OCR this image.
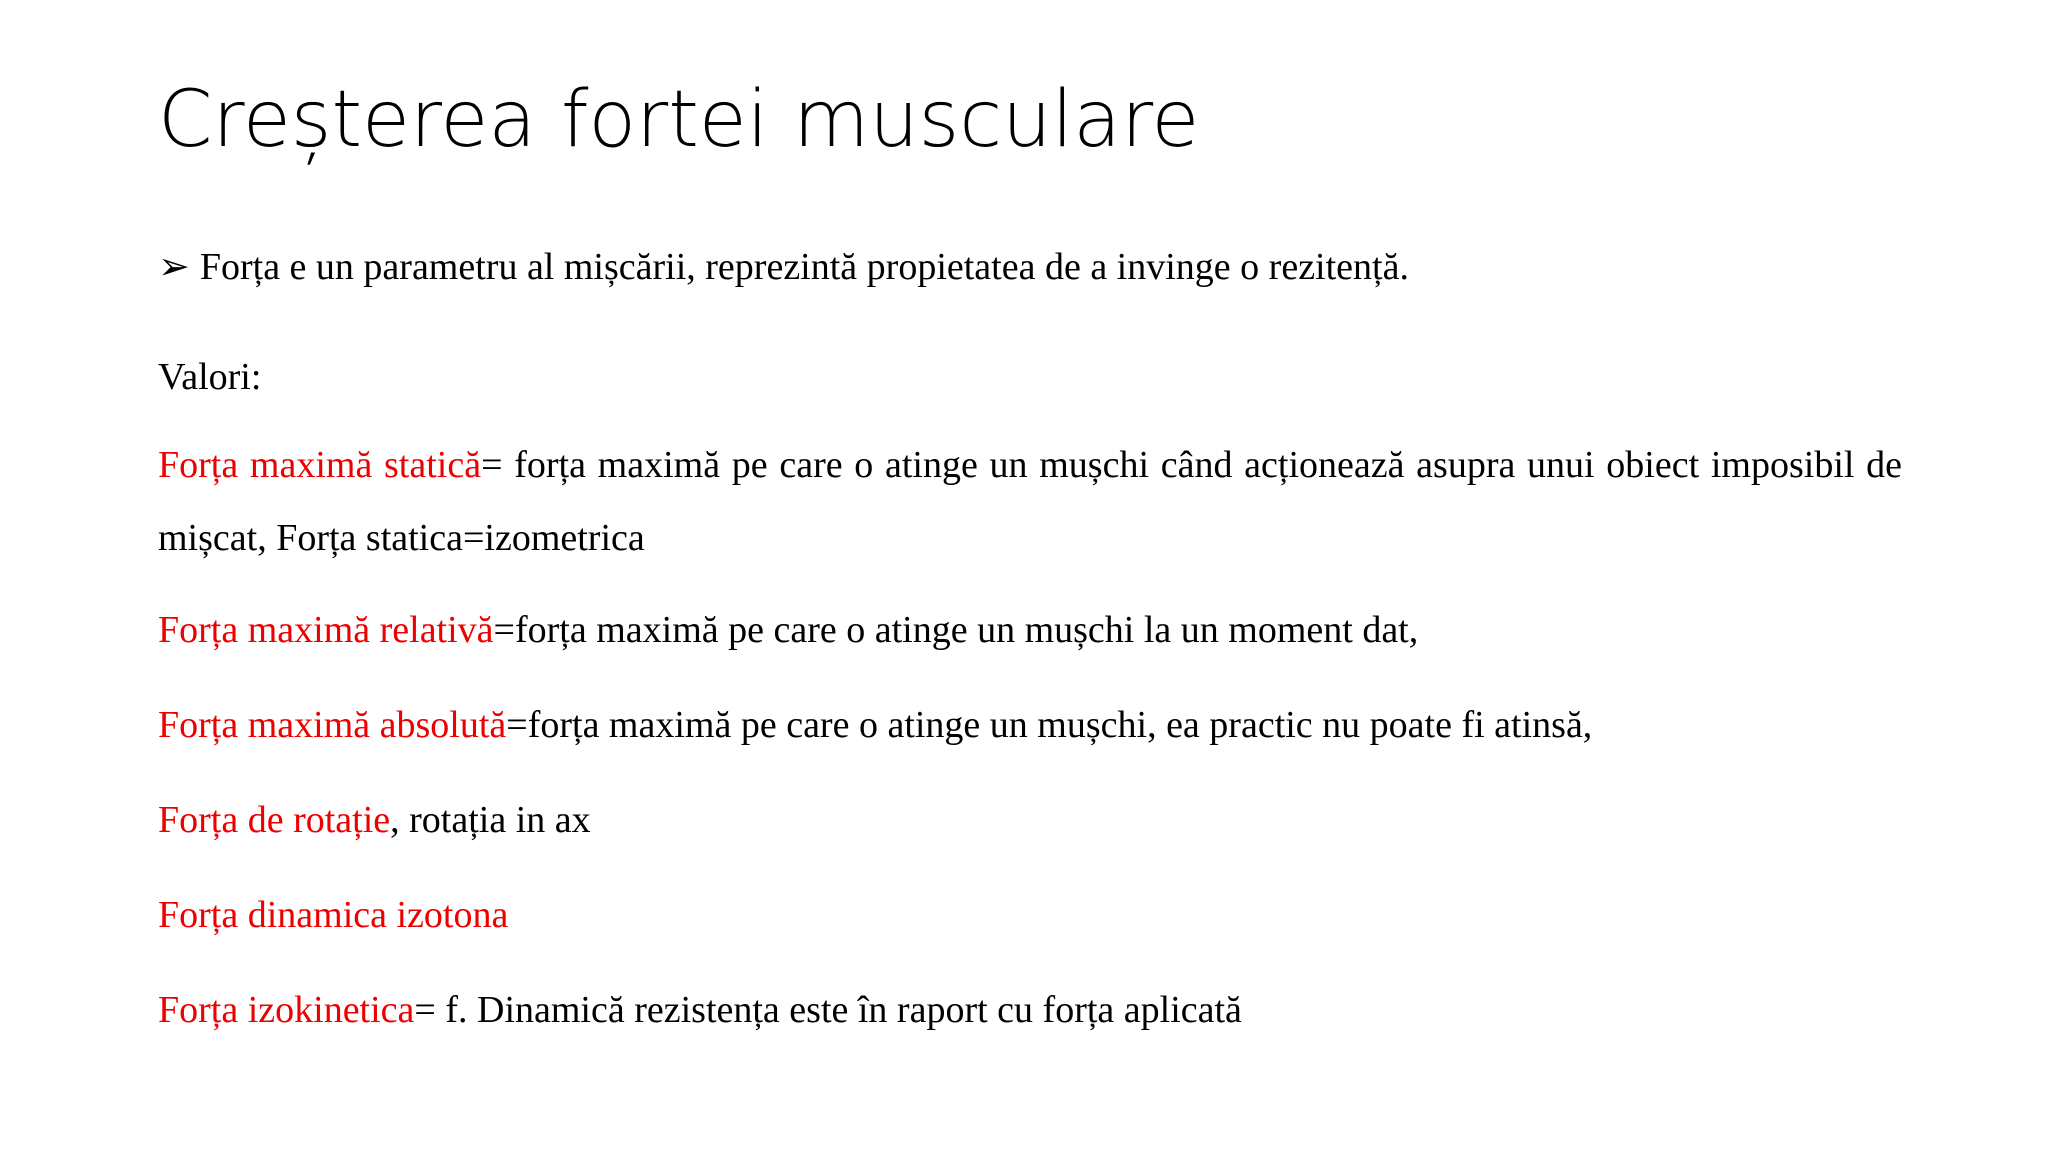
Creșterea fortei musculare
➢ Forța e un parametru al mișcării, reprezintă propietatea de a invinge o rezitență.
Valori:
Forța maximă statică= forța maximă pe care o atinge un mușchi când acționează asupra unui obiect imposibil de mișcat, Forța statica=izometrica
Forța maximă relativă=forța maximă pe care o atinge un mușchi la un moment dat,
Forța maximă absolută=forța maximă pe care o atinge un mușchi, ea practic nu poate fi atinsă,
Forța de rotație, rotația in ax
Forța dinamica izotona
Forța izokinetica= f. Dinamică rezistența este în raport cu forța aplicată
